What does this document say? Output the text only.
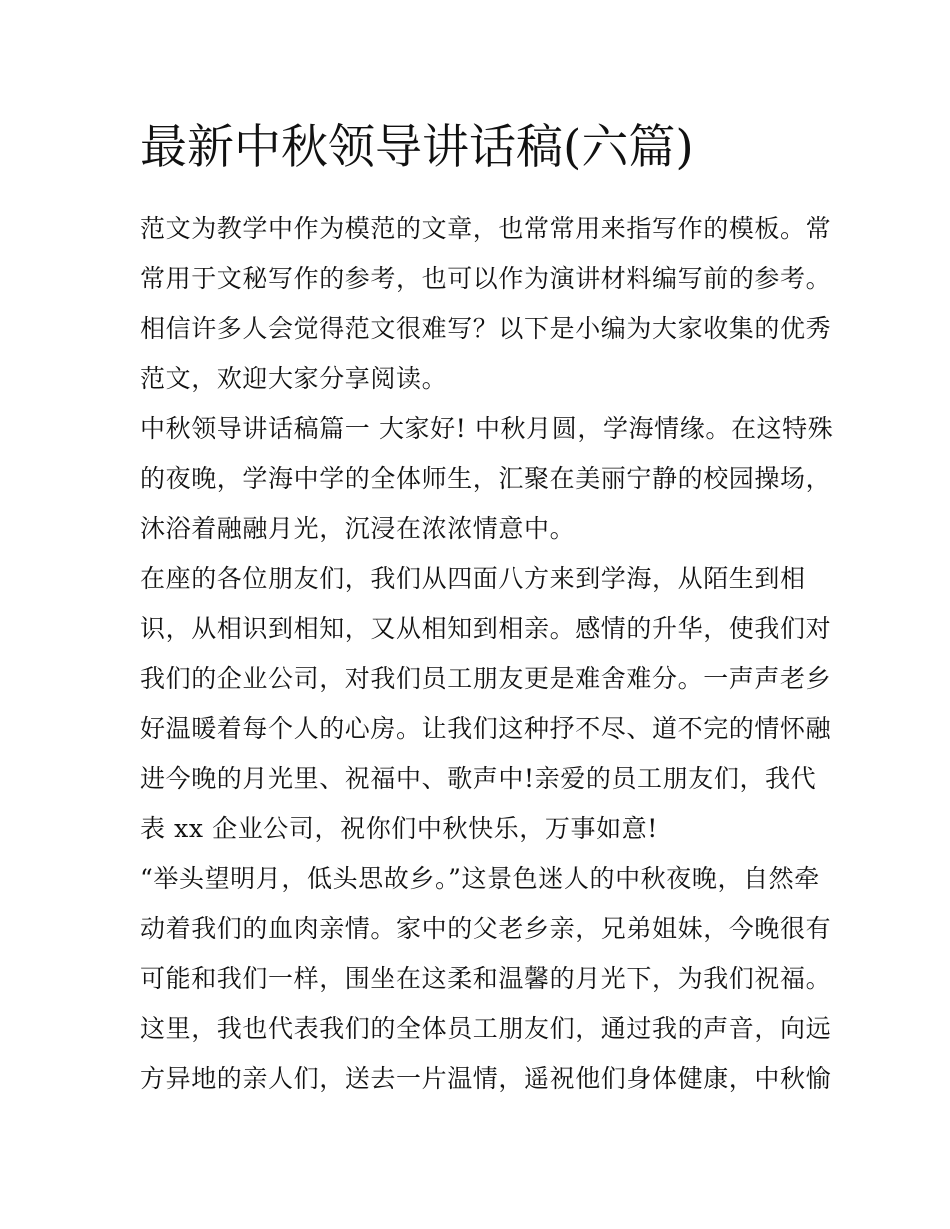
最新中秋领导讲话稿(六篇)
范文为教学中作为模范的文章，也常常用来指写作的模板。常
常用于文秘写作的参考，也可以作为演讲材料编写前的参考。
相信许多人会觉得范文很难写？以下是小编为大家收集的优秀
范文，欢迎大家分享阅读。
中秋领导讲话稿篇一 大家好! 中秋月圆，学海情缘。在这特殊
的夜晚，学海中学的全体师生，汇聚在美丽宁静的校园操场，
沐浴着融融月光，沉浸在浓浓情意中。
在座的各位朋友们，我们从四面八方来到学海，从陌生到相
识，从相识到相知，又从相知到相亲。感情的升华，使我们对
我们的企业公司，对我们员工朋友更是难舍难分。一声声老乡
好温暖着每个人的心房。让我们这种抒不尽、道不完的情怀融
进今晚的月光里、祝福中、歌声中!亲爱的员工朋友们，我代
表 xx 企业公司，祝你们中秋快乐，万事如意!
“举头望明月，低头思故乡。”这景色迷人的中秋夜晚，自然牵
动着我们的血肉亲情。家中的父老乡亲，兄弟姐妹，今晚很有
可能和我们一样，围坐在这柔和温馨的月光下，为我们祝福。
这里，我也代表我们的全体员工朋友们，通过我的声音，向远
方异地的亲人们，送去一片温情，遥祝他们身体健康，中秋愉
